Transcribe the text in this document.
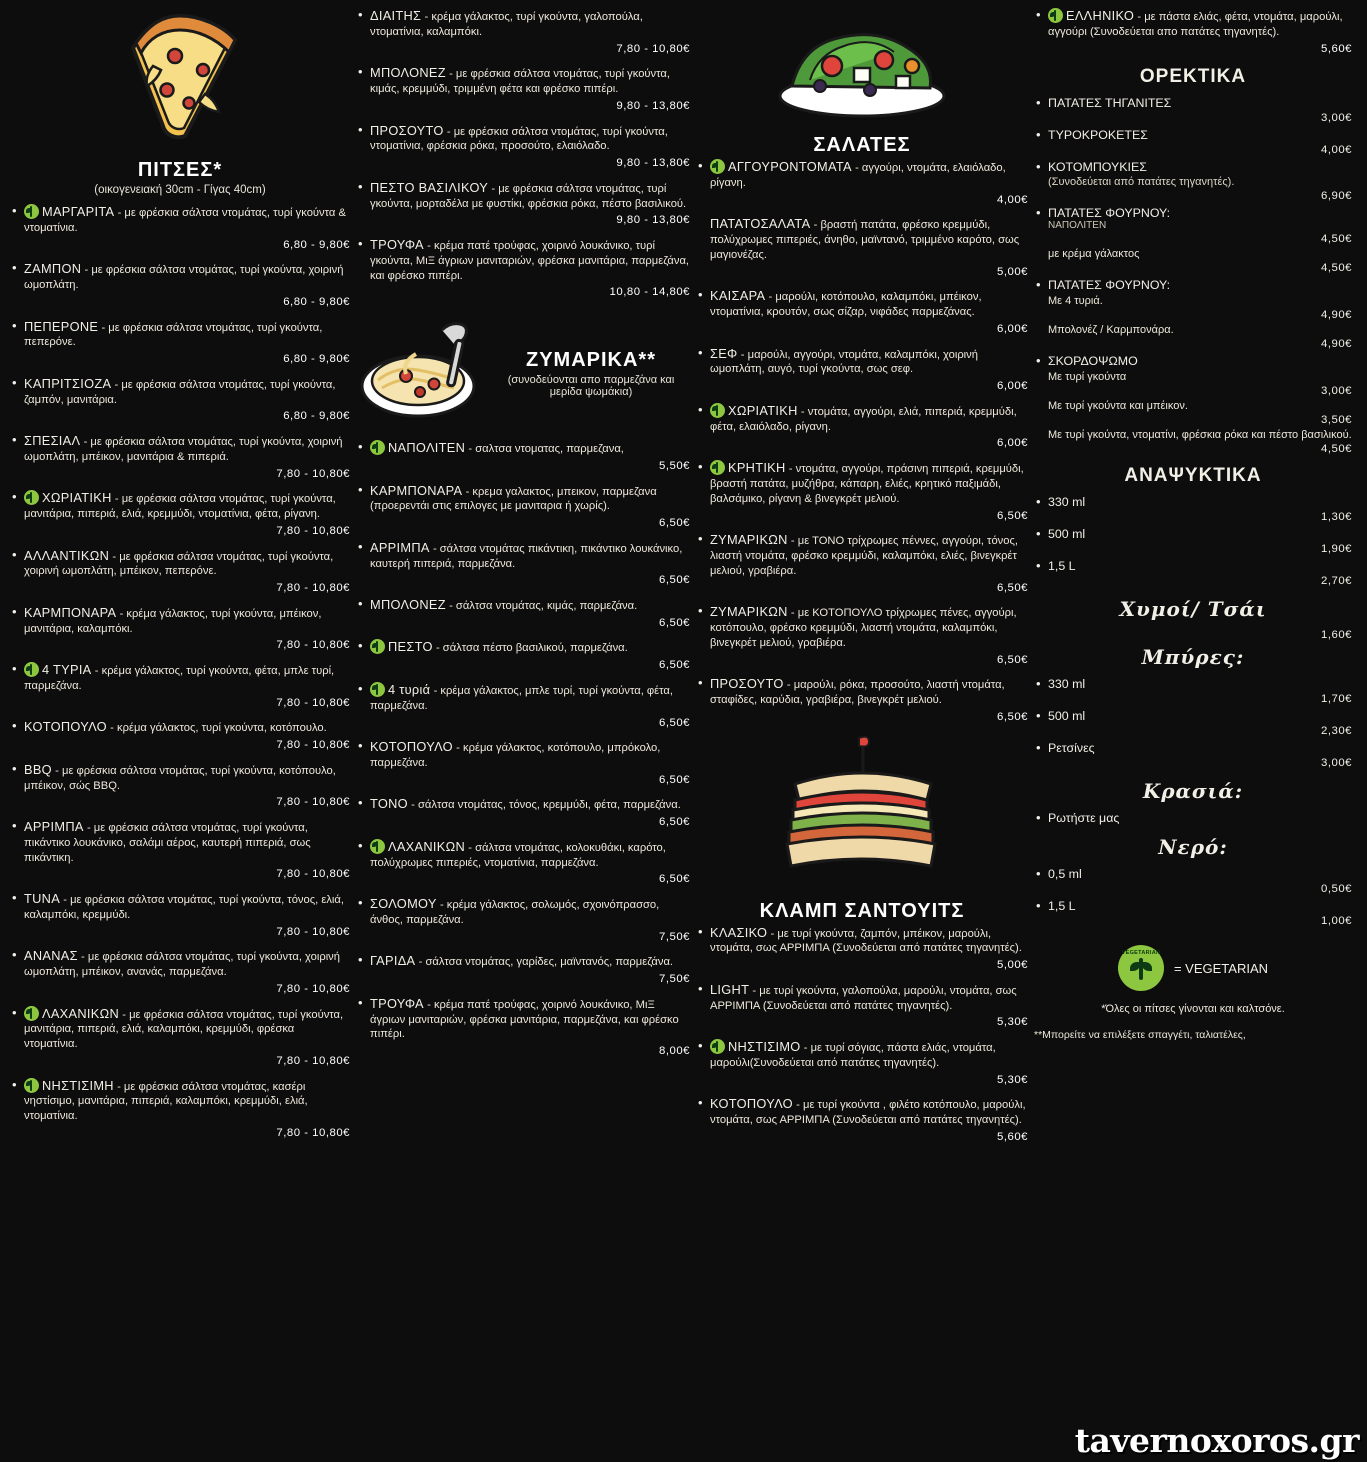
ΠΙΤΣΕΣ*
(οικογενειακή 30cm - Γίγας 40cm)
• ΜΑΡΓΑΡΙΤΑ - με φρέσκια σάλτσα ντομάτας, τυρί γκούντα & ντοματίνια.
6,80 - 9,80€
• ΖΑΜΠΟΝ - με φρέσκια σάλτσα ντομάτας, τυρί γκούντα, χοιρινή ωμοπλάτη.
6,80 - 9,80€
• ΠΕΠΕΡΟΝΕ - με φρέσκια σάλτσα ντομάτας, τυρί γκούντα, πεπερόνε.
6,80 - 9,80€
• ΚΑΠΡΙΤΣΙΟΖΑ - με φρέσκια σάλτσα ντομάτας, τυρί γκούντα, ζαμπόν, μανιτάρια.
6,80 - 9,80€
• ΣΠΕΣΙΑΛ - με φρέσκια σάλτσα ντομάτας, τυρί γκούντα, χοιρινή ωμοπλάτη, μπέικον, μανιτάρια & πιπεριά.
7,80 - 10,80€
• ΧΩΡΙΑΤΙΚΗ - με φρέσκια σάλτσα ντομάτας, τυρί γκούντα, μανιτάρια, πιπεριά, ελιά, κρεμμύδι, ντοματίνια, φέτα, ρίγανη.
7,80 - 10,80€
• ΑΛΛΑΝΤΙΚΩΝ - με φρέσκια σάλτσα ντομάτας, τυρί γκούντα, χοιρινή ωμοπλάτη, μπέικον, πεπερόνε.
7,80 - 10,80€
• ΚΑΡΜΠΟΝΑΡΑ - κρέμα γάλακτος, τυρί γκούντα, μπέικον, μανιτάρια, καλαμπόκι.
7,80 - 10,80€
• 4 ΤΥΡΙΑ - κρέμα γάλακτος, τυρί γκούντα, φέτα, μπλε τυρί, παρμεζάνα.
7,80 - 10,80€
• ΚΟΤΟΠΟΥΛΟ - κρέμα γάλακτος, τυρί γκούντα, κοτόπουλο.
7,80 - 10,80€
• BBQ - με φρέσκια σάλτσα ντομάτας, τυρί γκούντα, κοτόπουλο, μπέικον, σώς BBQ.
7,80 - 10,80€
• ΑΡΡΙΜΠΑ - με φρέσκια σάλτσα ντομάτας, τυρί γκούντα, πικάντικο λουκάνικο, σαλάμι αέρος, καυτερή πιπεριά, σως πικάντικη.
7,80 - 10,80€
• TUNA - με φρέσκια σάλτσα ντομάτας, τυρί γκούντα, τόνος, ελιά, καλαμπόκι, κρεμμύδι.
7,80 - 10,80€
• ΑΝΑΝΑΣ - με φρέσκια σάλτσα ντομάτας, τυρί γκούντα, χοιρινή ωμοπλάτη, μπέικον, ανανάς, παρμεζάνα.
7,80 - 10,80€
• ΛΑΧΑΝΙΚΩΝ - με φρέσκια σάλτσα ντομάτας, τυρί γκούντα, μανιτάρια, πιπεριά, ελιά, καλαμπόκι, κρεμμύδι, φρέσκα ντοματίνια.
7,80 - 10,80€
• ΝΗΣΤΙΣΙΜΗ - με φρέσκια σάλτσα ντομάτας, κασέρι νηστίσιμο, μανιτάρια, πιπεριά, καλαμπόκι, κρεμμύδι, ελιά, ντοματίνια.
7,80 - 10,80€
• ΔΙΑΙΤΗΣ - κρέμα γάλακτος, τυρί γκούντα, γαλοπούλα, ντοματίνια, καλαμπόκι.
7,80 - 10,80€
• ΜΠΟΛΟΝΕΖ - με φρέσκια σάλτσα ντομάτας, τυρί γκούντα, κιμάς, κρεμμύδι, τριμμένη φέτα και φρέσκο πιπέρι.
9,80 - 13,80€
• ΠΡΟΣΟΥΤΟ - με φρέσκια σάλτσα ντομάτας, τυρί γκούντα, ντοματίνια, φρέσκια ρόκα, προσούτο, ελαιόλαδο.
9,80 - 13,80€
• ΠΕΣΤΟ ΒΑΣΙΛΙΚΟΥ - με φρέσκια σάλτσα ντομάτας, τυρί γκούντα, μορταδέλα με φυστίκι, φρέσκια ρόκα, πέστο βασιλικού.
9,80 - 13,80€
• ΤΡΟΥΦΑ - κρέμα πατέ τρούφας, χοιρινό λουκάνικο, τυρί γκούντα, ΜιΞ άγριων μανιταριών, φρέσκα μανιτάρια, παρμεζάνα, και φρέσκο πιπέρι.
10,80 - 14,80€
ΖΥΜΑΡΙΚΑ**
(συνοδεύονται απο παρμεζάνα και μερίδα ψωμάκια)
• ΝΑΠΟΛΙΤΕΝ - σαλτσα ντοματας, παρμεζανα,
5,50€
• ΚΑΡΜΠΟΝΑΡΑ - κρεμα γαλακτος, μπεικον, παρμεζανα (προερεντάι στις επιλογες με μανιταρια ή χωρίς).
6,50€
• ΑΡΡΙΜΠΑ - σάλτσα ντομάτας πικάντικη, πικάντικο λουκάνικο, καυτερή πιπεριά, παρμεζάνα.
6,50€
• ΜΠΟΛΟΝΕΖ - σάλτσα ντομάτας, κιμάς, παρμεζάνα.
6,50€
• ΠΕΣΤΟ - σάλτσα πέστο βασιλικού, παρμεζάνα.
6,50€
• 4 τυριά - κρέμα γάλακτος, μπλε τυρί, τυρί γκούντα, φέτα, παρμεζάνα.
6,50€
• ΚΟΤΟΠΟΥΛΟ - κρέμα γάλακτος, κοτόπουλο, μπρόκολο, παρμεζάνα.
6,50€
• ΤΟΝΟ - σάλτσα ντομάτας, τόνος, κρεμμύδι, φέτα, παρμεζάνα.
6,50€
• ΛΑΧΑΝΙΚΩΝ - σάλτσα ντομάτας, κολοκυθάκι, καρότο, πολύχρωμες πιπεριές, ντοματίνια, παρμεζάνα.
6,50€
• ΣΟΛΟΜΟΥ - κρέμα γάλακτος, σολωμός, σχοινόπρασσο, άνθος, παρμεζάνα.
7,50€
• ΓΑΡΙΔΑ - σάλτσα ντομάτας, γαρίδες, μαϊντανός, παρμεζάνα.
7,50€
• ΤΡΟΥΦΑ - κρέμα πατέ τρούφας, χοιρινό λουκάνικο, ΜιΞ άγριων μανιταριών, φρέσκα μανιτάρια, παρμεζάνα, και φρέσκο πιπέρι.
8,00€
ΣΑΛΑΤΕΣ
• ΑΓΓΟΥΡΟΝΤΟΜΑΤΑ - αγγούρι, ντομάτα, ελαιόλαδο, ρίγανη.
4,00€
ΠΑΤΑΤΟΣΑΛΑΤΑ - βραστή πατάτα, φρέσκο κρεμμύδι, πολύχρωμες πιπεριές, άνηθο, μαϊντανό, τριμμένο καρότο, σως μαγιονέζας.
5,00€
• ΚΑΙΣΑΡΑ - μαρούλι, κοτόπουλο, καλαμπόκι, μπέικον, ντοματίνια, κρουτόν, σως σίζαρ, νιφάδες παρμεζάνας.
6,00€
• ΣΕΦ - μαρούλι, αγγούρι, ντομάτα, καλαμπόκι, χοιρινή ωμοπλάτη, αυγό, τυρί γκούντα, σως σεφ.
6,00€
• ΧΩΡΙΑΤΙΚΗ - ντομάτα, αγγούρι, ελιά, πιπεριά, κρεμμύδι, φέτα, ελαιόλαδο, ρίγανη.
6,00€
• ΚΡΗΤΙΚΗ - ντομάτα, αγγούρι, πράσινη πιπεριά, κρεμμύδι, βραστή πατάτα, μυζήθρα, κάπαρη, ελιές, κρητικό παξιμάδι, βαλσάμικο, ρίγανη & βινεγκρέτ μελιού.
6,50€
• ΖΥΜΑΡΙΚΩΝ - με ΤΟΝΟ τρίχρωμες πέννες, αγγούρι, τόνος, λιαστή ντομάτα, φρέσκο κρεμμύδι, καλαμπόκι, ελιές, βινεγκρέτ μελιού, γραβιέρα.
6,50€
• ΖΥΜΑΡΙΚΩΝ - με ΚΟΤΟΠΟΥΛΟ τρίχρωμες πένες, αγγούρι, κοτόπουλο, φρέσκο κρεμμύδι, λιαστή ντομάτα, καλαμπόκι, βινεγκρέτ μελιού, γραβιέρα.
6,50€
• ΠΡΟΣΟΥΤΟ - μαρούλι, ρόκα, προσούτο, λιαστή ντομάτα, σταφίδες, καρύδια, γραβιέρα, βινεγκρέτ μελιού.
6,50€
ΚΛΑΜΠ ΣΑΝΤΟΥΙΤΣ
• ΚΛΑΣΙΚΟ - με τυρί γκούντα, ζαμπόν, μπέικον, μαρούλι, ντομάτα, σως ΑΡΡΙΜΠΑ (Συνοδεύεται από πατάτες τηγανητές).
5,00€
• LIGHT - με τυρί γκούντα, γαλοπούλα, μαρούλι, ντομάτα, σως ΑΡΡΙΜΠΑ (Συνοδεύεται από πατάτες τηγανητές).
5,30€
• ΝΗΣΤΙΣΙΜΟ - με τυρί σόγιας, πάστα ελιάς, ντομάτα, μαρούλι(Συνοδεύεται από πατάτες τηγανητές).
5,30€
• ΚΟΤΟΠΟΥΛΟ - με τυρί γκούντα , φιλέτο κοτόπουλο, μαρούλι, ντομάτα, σως ΑΡΡΙΜΠΑ (Συνοδεύεται από πατάτες τηγανητές).
5,60€
• ΕΛΛΗΝΙΚΟ - με πάστα ελιάς, φέτα, ντομάτα, μαρούλι, αγγούρι (Συνοδεύεται απο πατάτες τηγανητές).
5,60€
ΟΡΕΚΤΙΚΑ
• ΠΑΤΑΤΕΣ ΤΗΓΑΝΙΤΕΣ
3,00€
• ΤΥΡΟΚΡΟΚΕΤΕΣ
4,00€
• ΚΟΤΟΜΠΟΥΚΙΕΣ
(Συνοδεύεται από πατάτες τηγανητές).
6,90€
• ΠΑΤΑΤΕΣ ΦΟΥΡΝΟΥ:
ΝΑΠΟΛΙΤΕΝ
4,50€
με κρέμα γάλακτος
4,50€
• ΠΑΤΑΤΕΣ ΦΟΥΡΝΟΥ:
Με 4 τυριά.
4,90€
Μπολονέζ / Καρμπονάρα.
4,90€
• ΣΚΟΡΔΟΨΩΜΟ
Με τυρί γκούντα
3,00€
Με τυρί γκούντα και μπέικον.
3,50€
Με τυρί γκούντα, ντοματίνι, φρέσκια ρόκα και πέστο βασιλικού.
4,50€
ΑΝΑΨΥΚΤΙΚΑ
• 330 ml
1,30€
• 500 ml
1,90€
• 1,5 L
2,70€
Χυμοί/ Τσάι
1,60€
Μπύρες:
• 330 ml
1,70€
• 500 ml
2,30€
• Ρετσίνες
3,00€
Κρασιά:
• Ρωτήστε μας
Νερό:
• 0,5 ml
0,50€
• 1,5 L
1,00€
VEGETARIAN
= VEGETARIAN
*Όλες οι πίτσες γίνονται και καλτσόνε.
**Μπορείτε να επιλέξετε σπαγγέτι, ταλιατέλες,
tavernoxoros.gr
